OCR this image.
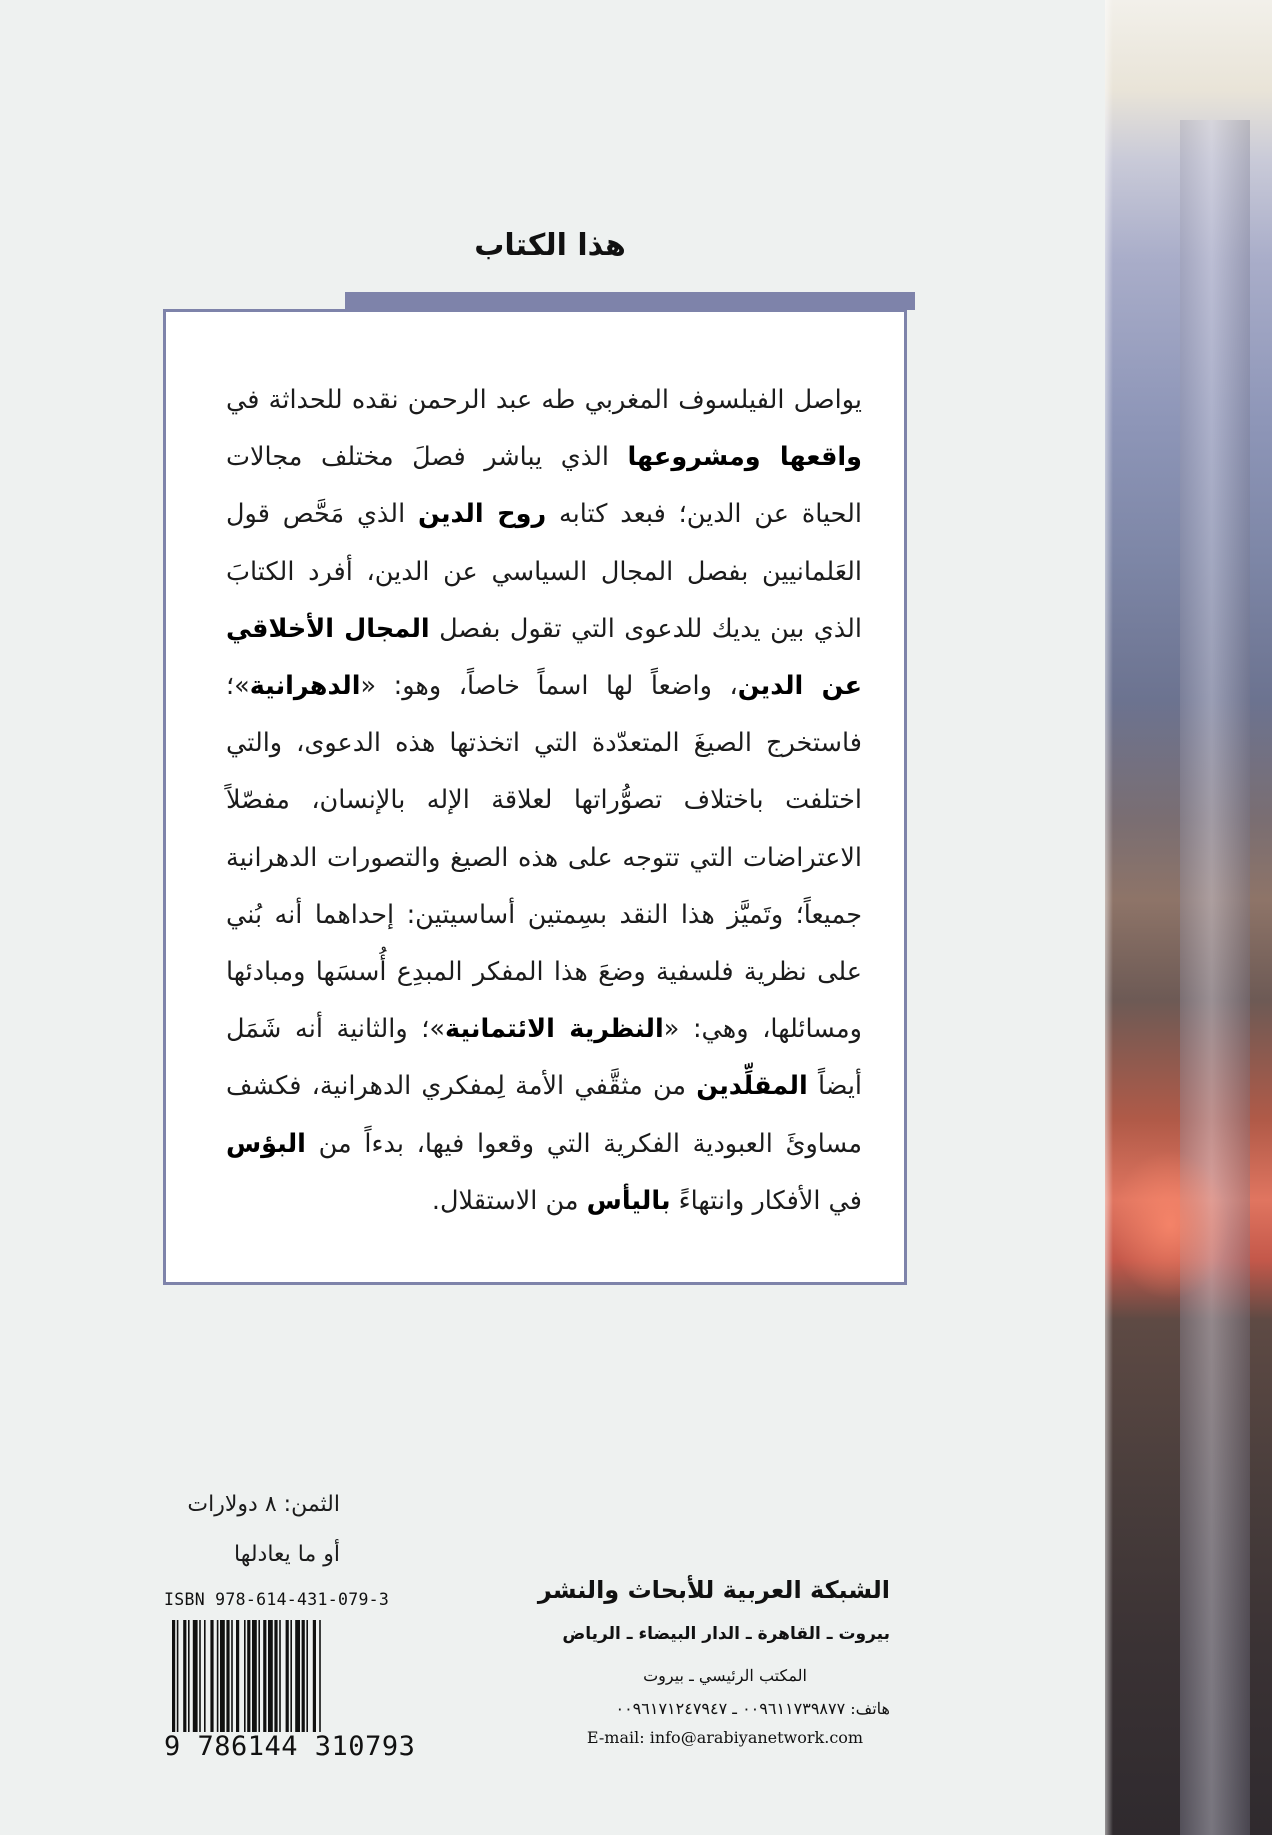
هذا الكتاب
يواصل الفيلسوف المغربي طه عبد الرحمن نقده للحداثة في واقعها ومشروعها الذي يباشر فصلَ مختلف مجالات الحياة عن الدين؛ فبعد كتابه روح الدين الذي مَحَّص قول العَلمانيين بفصل المجال السياسي عن الدين، أفرد الكتابَ الذي بين يديك للدعوى التي تقول بفصل المجال الأخلاقي عن الدين، واضعاً لها اسماً خاصاً، وهو: «الدهرانية»؛ فاستخرج الصيغَ المتعدّدة التي اتخذتها هذه الدعوى، والتي اختلفت باختلاف تصوُّراتها لعلاقة الإله بالإنسان، مفصّلاً الاعتراضات التي تتوجه على هذه الصيغ والتصورات الدهرانية جميعاً؛ وتَميَّز هذا النقد بسِمتين أساسيتين: إحداهما أنه بُني على نظرية فلسفية وضعَ هذا المفكر المبدِع أُسسَها ومبادئها ومسائلها، وهي: «النظرية الائتمانية»؛ والثانية أنه شَمَل أيضاً المقلِّدين من مثقَّفي الأمة لِمفكري الدهرانية، فكشف مساوئَ العبودية الفكرية التي وقعوا فيها، بدءاً من البؤس في الأفكار وانتهاءً باليأس من الاستقلال.
الثمن: ٨ دولارات
أو ما يعادلها
ISBN 978-614-431-079-3
9 786144 310793
الشبكة العربية للأبحاث والنشر
بيروت ـ القاهرة ـ الدار البيضاء ـ الرياض
المكتب الرئيسي ـ بيروت
هاتف: ٠٠٩٦١١٧٣٩٨٧٧ ـ ٠٠٩٦١٧١٢٤٧٩٤٧
E-mail: info@arabiyanetwork.com
